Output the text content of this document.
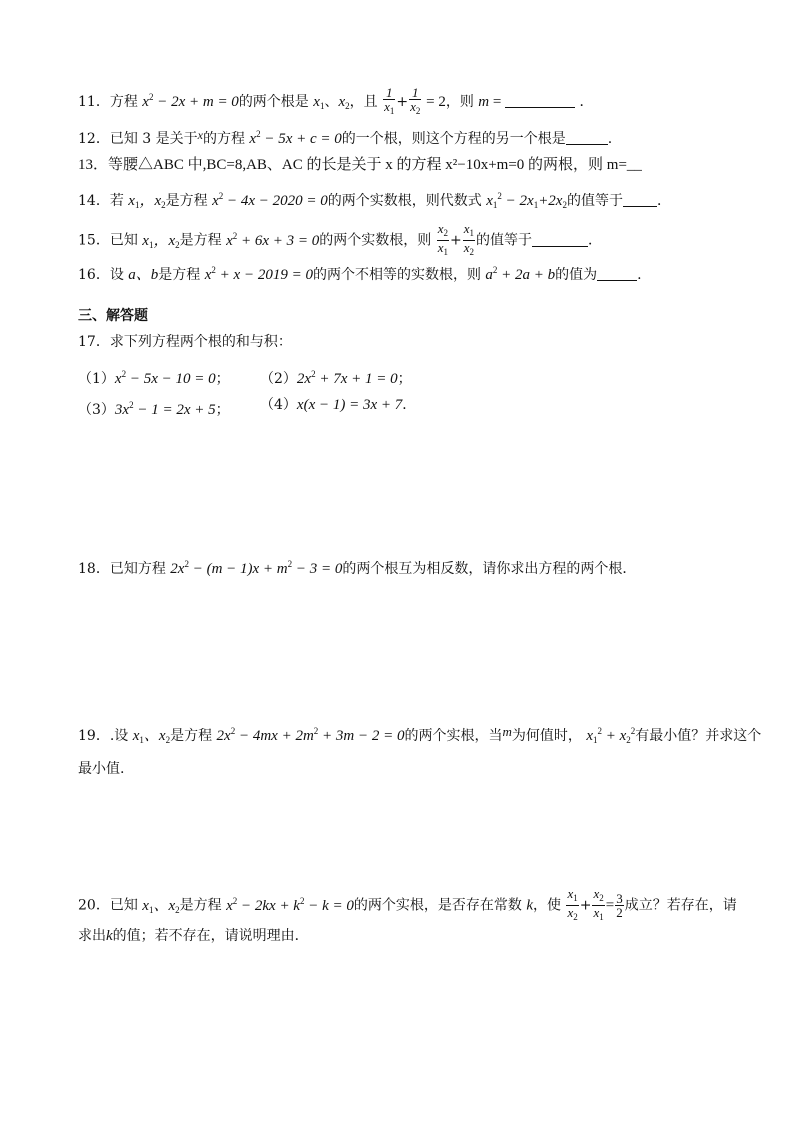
11．方程 $x^2 - 2x + m = 0$的两个根是 $x_1$、$x_2$，且 $\frac{1}{x_1} + \frac{1}{x_2} = 2$，则 m =	．
12．已知 3 是关于x的方程 $x^2 - 5x + c = 0$的一个根，则这个方程的另一个根是	.
13．等腰△ABC 中,BC=8,AB、AC 的长是关于 x 的方程 x²−10x+m=0 的两根，则 m=__
14．若 $x_1$，$x_2$是方程 $x^2 - 4x - 2020 = 0$的两个实数根，则代数式 $x_1^2 - 2x_1+2x_2$的值等于 ．
15．已知 $x_1$，$x_2$是方程 $x^2 + 6x + 3 = 0$的两个实数根，则 $\frac{x_2}{x_1} + \frac{x_1}{x_2}$ 的值等于	．
16．设 a、b是方程 $x^2 + x - 2019 = 0$的两个不相等的实数根，则 $a^2 + 2a + b$的值为	.
三、解答题
17．求下列方程两个根的和与积：
$(1)x^2 - 5x - 10 = 0$； $(2)2x^2 + 7x + 1 = 0$；
$(3)3x^2 - 1 = 2x + 5$； （4）x(x − 1) = 3x + 7．
18．已知方程 $2x^2 - (m - 1)x + m^2 - 3 = 0$的两个根互为相反数，请你求出方程的两个根．
19．.设 $x_1$、$x_2$是方程 $2x^2 - 4mx + 2m^2 + 3m - 2 = 0$的两个实根，当m为何值时， $x_1^2 + x_2^2$有最小值？并求这个
最小值.
20．已知 $x_1$、$x_2$是方程 $x^2 - 2kx + k^2 - k = 0$的两个实根，是否存在常数 k，使 $\frac{x_1}{x_2} + \frac{x_2}{x_1} = \frac{3}{2}$ 成立？若存在，请
求出k的值；若不存在，请说明理由．
